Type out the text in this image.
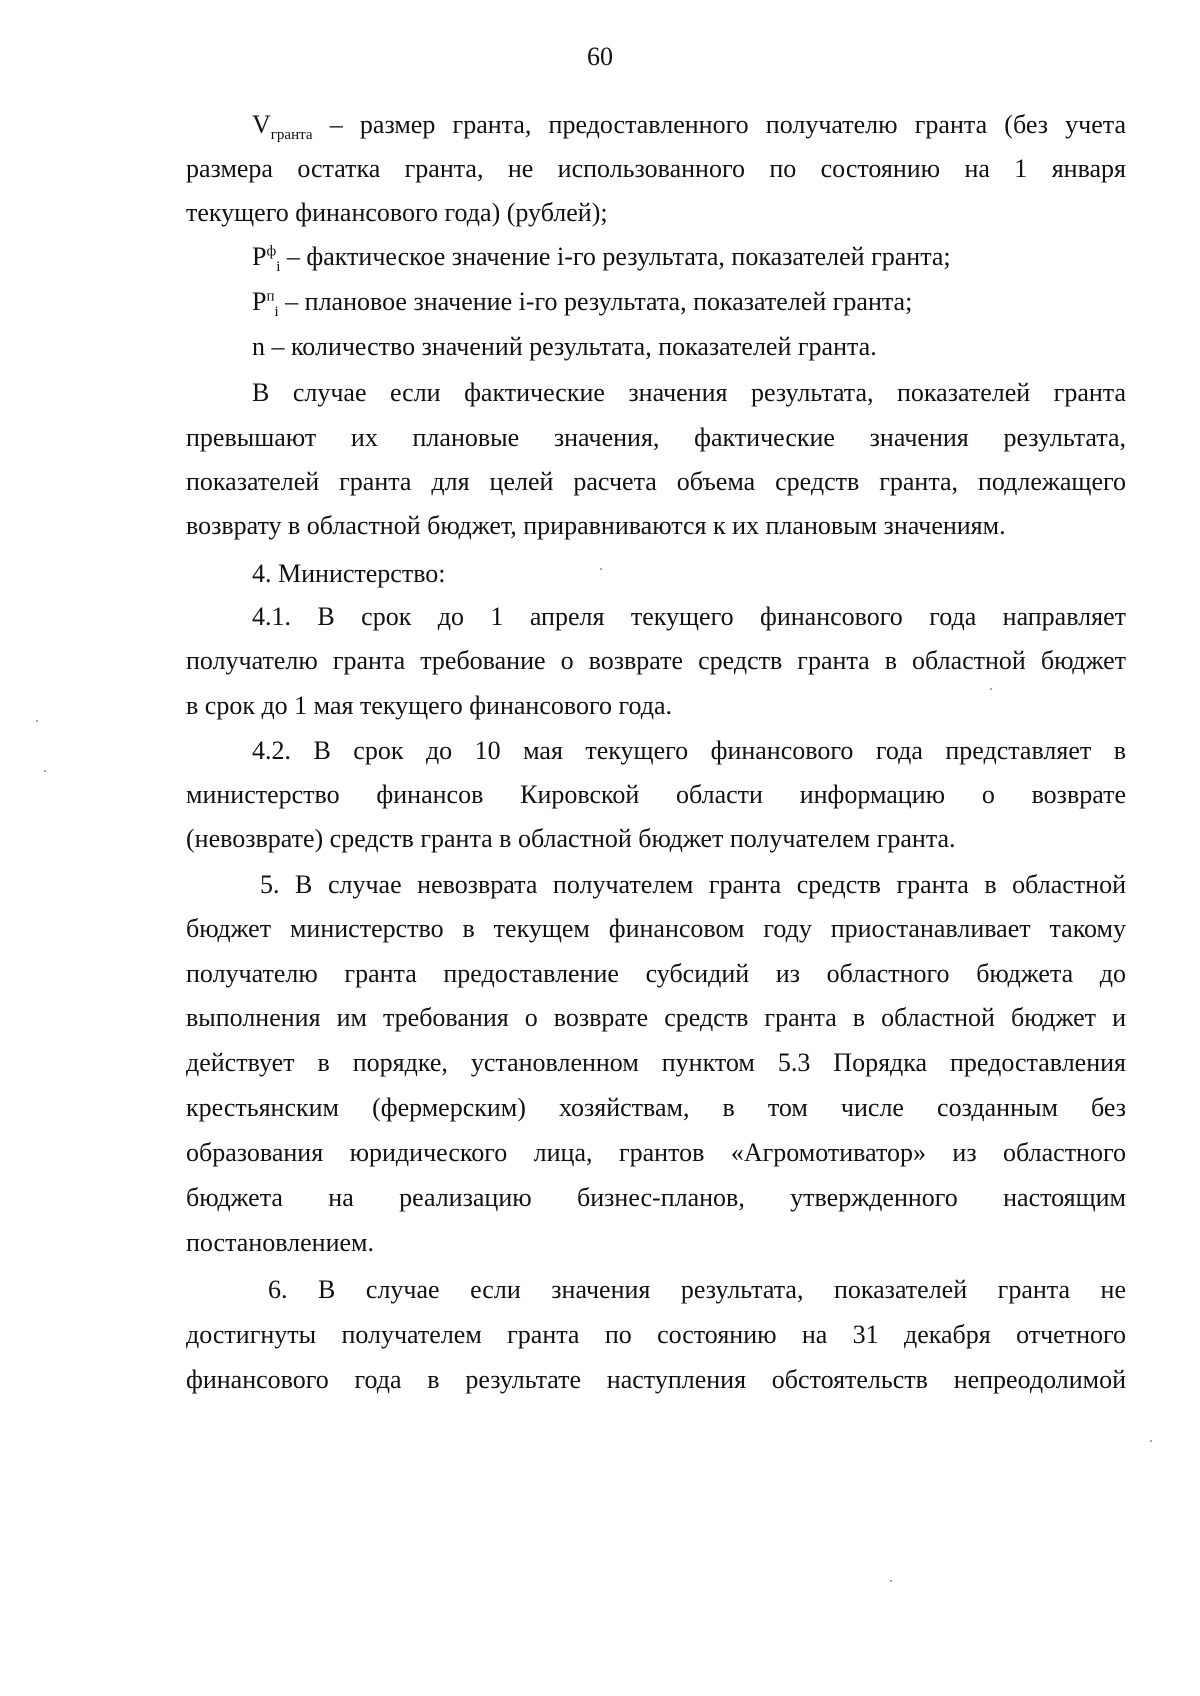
60
$V_{гранта}$ – размер гранта, предоставленного получателю гранта (без учета
размера остатка гранта, не использованного по состоянию на 1 января
текущего финансового года) (рублей);
$P^ф_i$ – фактическое значение i-го результата, показателей гранта;
$P^п_i$ – плановое значение i-го результата, показателей гранта;
n – количество значений результата, показателей гранта.
В случае если фактические значения результата, показателей гранта
превышают их плановые значения, фактические значения результата,
показателей гранта для целей расчета объема средств гранта, подлежащего
возврату в областной бюджет, приравниваются к их плановым значениям.
4. Министерство:
4.1. В срок до 1 апреля текущего финансового года направляет
получателю гранта требование о возврате средств гранта в областной бюджет
в срок до 1 мая текущего финансового года.
4.2. В срок до 10 мая текущего финансового года представляет в
министерство финансов Кировской области информацию о возврате
(невозврате) средств гранта в областной бюджет получателем гранта.
5. В случае невозврата получателем гранта средств гранта в областной
бюджет министерство в текущем финансовом году приостанавливает такому
получателю гранта предоставление субсидий из областного бюджета до
выполнения им требования о возврате средств гранта в областной бюджет и
действует в порядке, установленном пунктом 5.3 Порядка предоставления
крестьянским (фермерским) хозяйствам, в том числе созданным без
образования юридического лица, грантов «Агромотиватор» из областного
бюджета на реализацию бизнес-планов, утвержденного настоящим
постановлением.
6. В случае если значения результата, показателей гранта не
достигнуты получателем гранта по состоянию на 31 декабря отчетного
финансового года в результате наступления обстоятельств непреодолимой
